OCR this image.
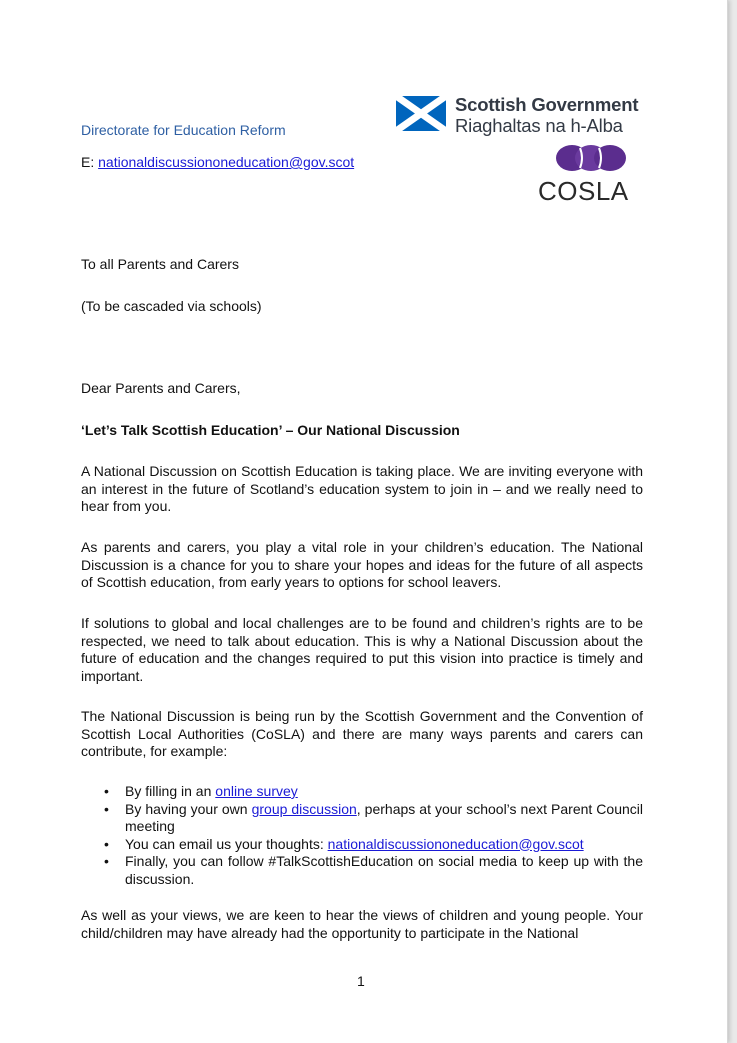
Directorate for Education Reform
E: nationaldiscussiononeducation@gov.scot
Scottish Government
Riaghaltas na h-Alba
COSLA
To all Parents and Carers
(To be cascaded via schools)
Dear Parents and Carers,
‘Let’s Talk Scottish Education’ – Our National Discussion
A National Discussion on Scottish Education is taking place. We are inviting everyone with an interest in the future of Scotland’s education system to join in – and we really need to hear from you.
As parents and carers, you play a vital role in your children’s education. The National Discussion is a chance for you to share your hopes and ideas for the future of all aspects of Scottish education, from early years to options for school leavers.
If solutions to global and local challenges are to be found and children’s rights are to be respected, we need to talk about education. This is why a National Discussion about the future of education and the changes required to put this vision into practice is timely and important.
The National Discussion is being run by the Scottish Government and the Convention of Scottish Local Authorities (CoSLA) and there are many ways parents and carers can contribute, for example:
• By filling in an online survey
• By having your own group discussion, perhaps at your school’s next Parent Council meeting
• You can email us your thoughts: nationaldiscussiononeducation@gov.scot
• Finally, you can follow #TalkScottishEducation on social media to keep up with the discussion.
As well as your views, we are keen to hear the views of children and young people. Your child/children may have already had the opportunity to participate in the National
1
